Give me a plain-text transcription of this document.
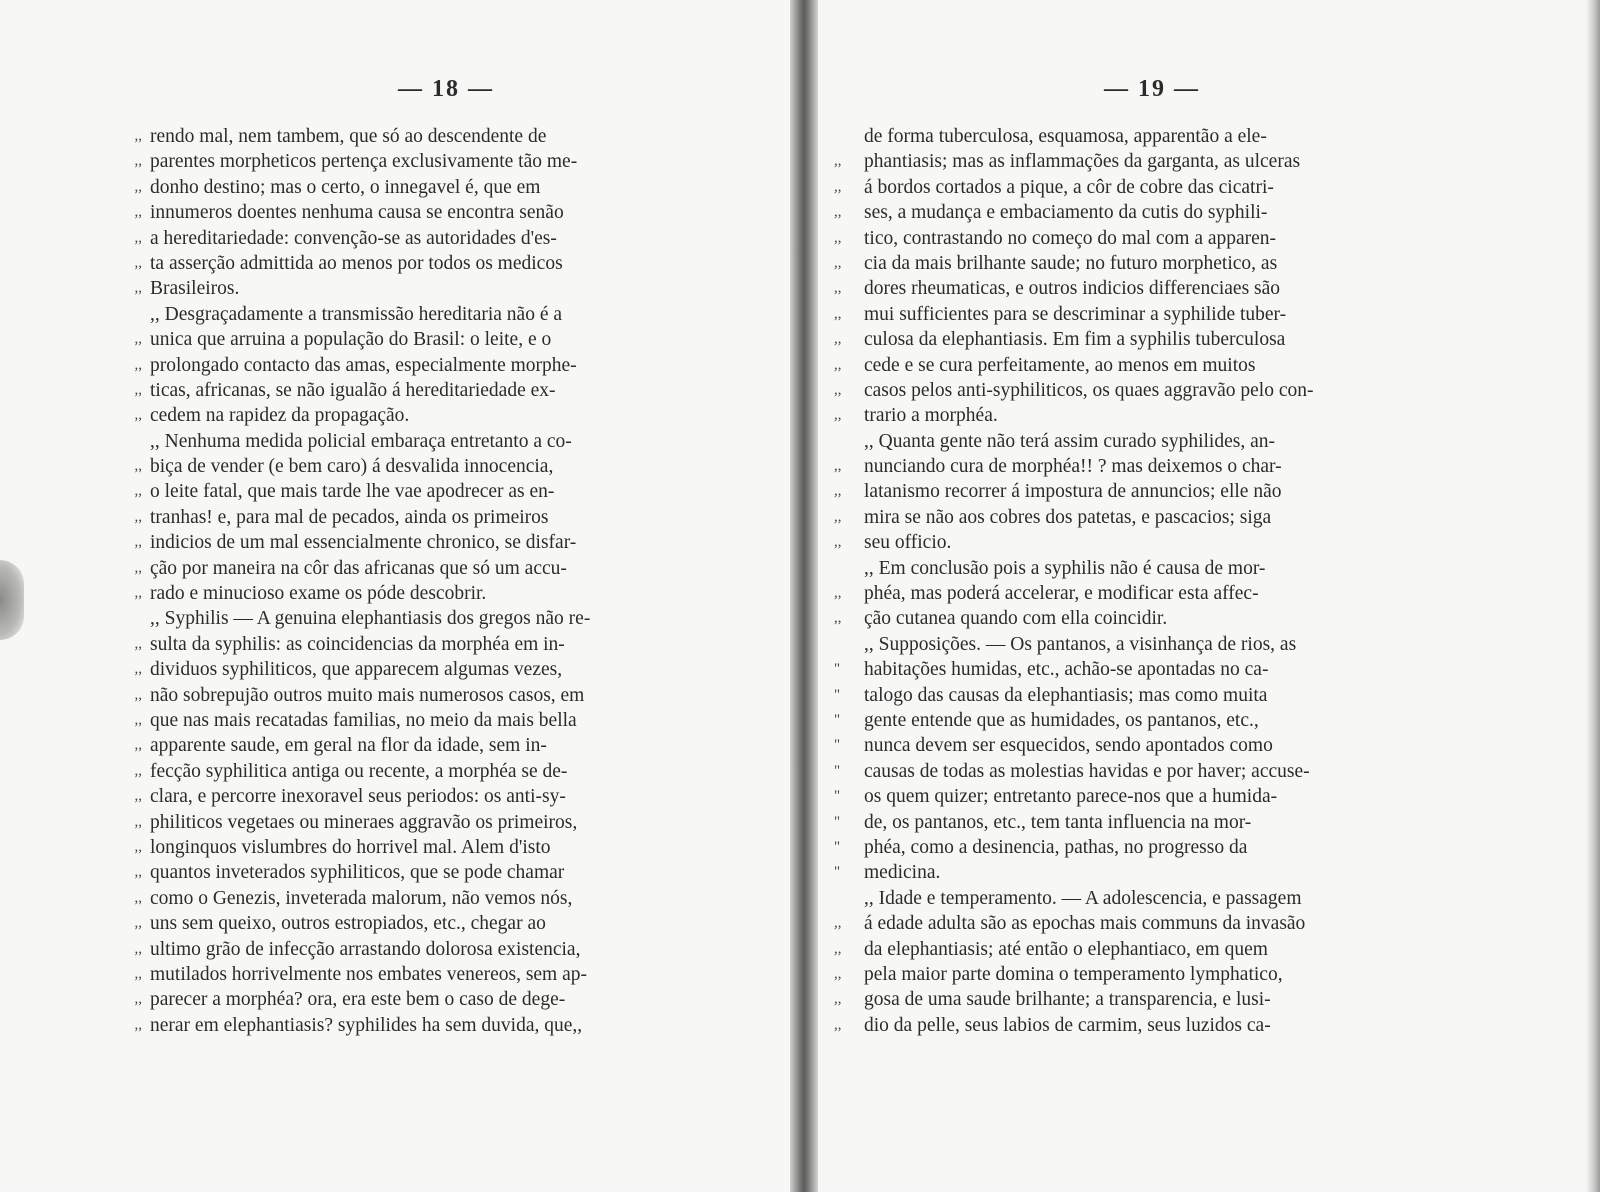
— 18 —
,, rendo mal, nem tambem, que só ao descendente de
,, parentes morpheticos pertença exclusivamente tão me-
,, donho destino; mas o certo, o innegavel é, que em
,, innumeros doentes nenhuma causa se encontra senão
,, a hereditariedade: convenção-se as autoridades d'es-
,, ta asserção admittida ao menos por todos os medicos
,, Brasileiros.
,, Desgraçadamente a transmissão hereditaria não é a
,, unica que arruina a população do Brasil: o leite, e o
,, prolongado contacto das amas, especialmente morphe-
,, ticas, africanas, se não igualão á hereditariedade ex-
,, cedem na rapidez da propagação.
,, Nenhuma medida policial embaraça entretanto a co-
,, biça de vender (e bem caro) á desvalida innocencia,
,, o leite fatal, que mais tarde lhe vae apodrecer as en-
,, tranhas! e, para mal de pecados, ainda os primeiros
,, indicios de um mal essencialmente chronico, se disfar-
,, ção por maneira na côr das africanas que só um accu-
,, rado e minucioso exame os póde descobrir.
,, Syphilis — A genuina elephantiasis dos gregos não re-
,, sulta da syphilis: as coincidencias da morphéa em in-
,, dividuos syphiliticos, que apparecem algumas vezes,
,, não sobrepujão outros muito mais numerosos casos, em
,, que nas mais recatadas familias, no meio da mais bella
,, apparente saude, em geral na flor da idade, sem in-
,, fecção syphilitica antiga ou recente, a morphéa se de-
,, clara, e percorre inexoravel seus periodos: os anti-sy-
,, philiticos vegetaes ou mineraes aggravão os primeiros,
,, longinquos vislumbres do horrivel mal. Alem d'isto
,, quantos inveterados syphiliticos, que se pode chamar
,, como o Genezis, inveterada malorum, não vemos nós,
,, uns sem queixo, outros estropiados, etc., chegar ao
,, ultimo grão de infecção arrastando dolorosa existencia,
,, mutilados horrivelmente nos embates venereos, sem ap-
,, parecer a morphéa? ora, era este bem o caso de dege-
,, nerar em elephantiasis? syphilides ha sem duvida, que,,
— 19 —
de forma tuberculosa, esquamosa, apparentão a ele-
,,	phantiasis; mas as inflammações da garganta, as ulceras
,,	á bordos cortados a pique, a côr de cobre das cicatri-
,,	ses, a mudança e embaciamento da cutis do syphili-
,,	tico, contrastando no começo do mal com a apparen-
,,	cia da mais brilhante saude; no futuro morphetico, as
,,	dores rheumaticas, e outros indicios differenciaes são
,,	mui sufficientes para se descriminar a syphilide tuber-
,,	culosa da elephantiasis. Em fim a syphilis tuberculosa
,,	cede e se cura perfeitamente, ao menos em muitos
,,	casos pelos anti-syphiliticos, os quaes aggravão pelo con-
,,	trario a morphéa.
,, Quanta gente não terá assim curado syphilides, an-
,,	nunciando cura de morphéa!! ? mas deixemos o char-
,,	latanismo recorrer á impostura de annuncios; elle não
,,	mira se não aos cobres dos patetas, e pascacios; siga
,,	seu officio.
,, Em conclusão pois a syphilis não é causa de mor-
,,	phéa, mas poderá accelerar, e modificar esta affec-
,,	ção cutanea quando com ella coincidir.
,, Supposições. — Os pantanos, a visinhança de rios, as
"	habitações humidas, etc., achão-se apontadas no ca-
"	talogo das causas da elephantiasis; mas como muita
"	gente entende que as humidades, os pantanos, etc.,
"	nunca devem ser esquecidos, sendo apontados como
"	causas de todas as molestias havidas e por haver; accuse-
"	os quem quizer; entretanto parece-nos que a humida-
"	de, os pantanos, etc., tem tanta influencia na mor-
"	phéa, como a desinencia, pathas, no progresso da
"	medicina.
,, Idade e temperamento. — A adolescencia, e passagem
,,	á edade adulta são as epochas mais communs da invasão
,,	da elephantiasis; até então o elephantiaco, em quem
,,	pela maior parte domina o temperamento lymphatico,
,,	gosa de uma saude brilhante; a transparencia, e lusi-
,,	dio da pelle, seus labios de carmim, seus luzidos ca-
